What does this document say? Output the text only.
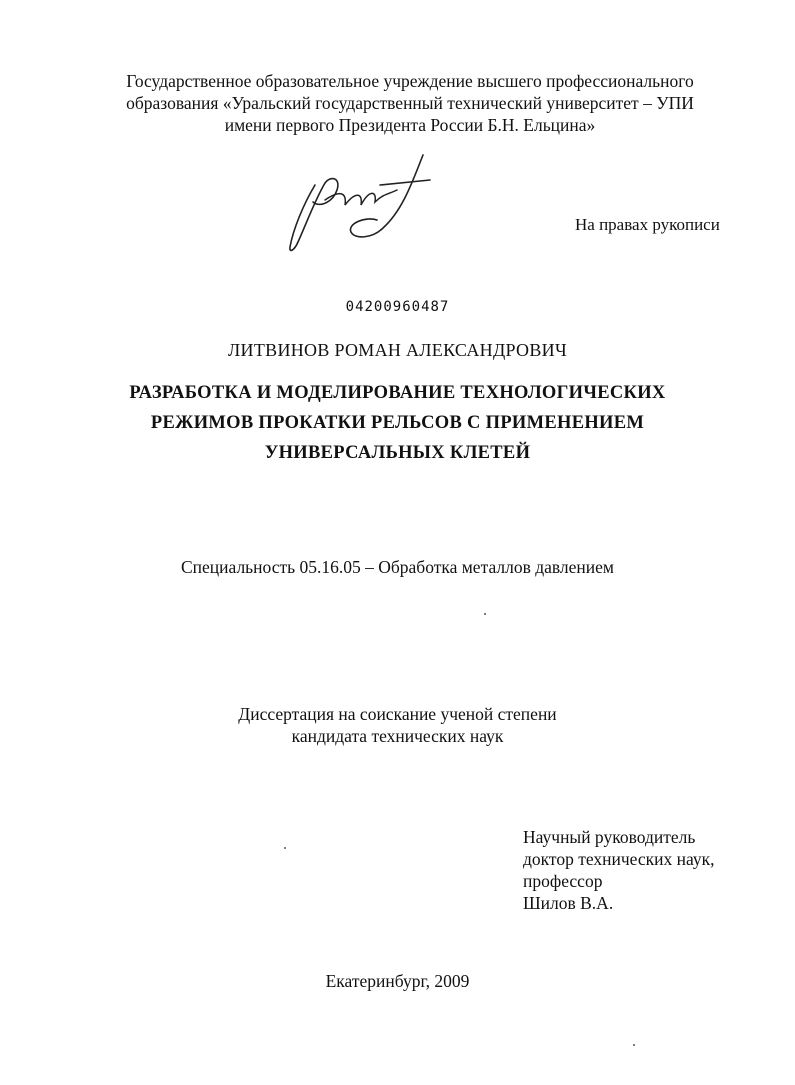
Государственное образовательное учреждение высшего профессионального
образования «Уральский государственный технический университет – УПИ
имени первого Президента России Б.Н. Ельцина»
На правах рукописи
04200960487
ЛИТВИНОВ РОМАН АЛЕКСАНДРОВИЧ
РАЗРАБОТКА И МОДЕЛИРОВАНИЕ ТЕХНОЛОГИЧЕСКИХ
РЕЖИМОВ ПРОКАТКИ РЕЛЬСОВ С ПРИМЕНЕНИЕМ
УНИВЕРСАЛЬНЫХ КЛЕТЕЙ
Специальность 05.16.05 – Обработка металлов давлением
Диссертация на соискание ученой степени
кандидата технических наук
Научный руководитель
доктор технических наук,
профессор
Шилов В.А.
Екатеринбург, 2009
